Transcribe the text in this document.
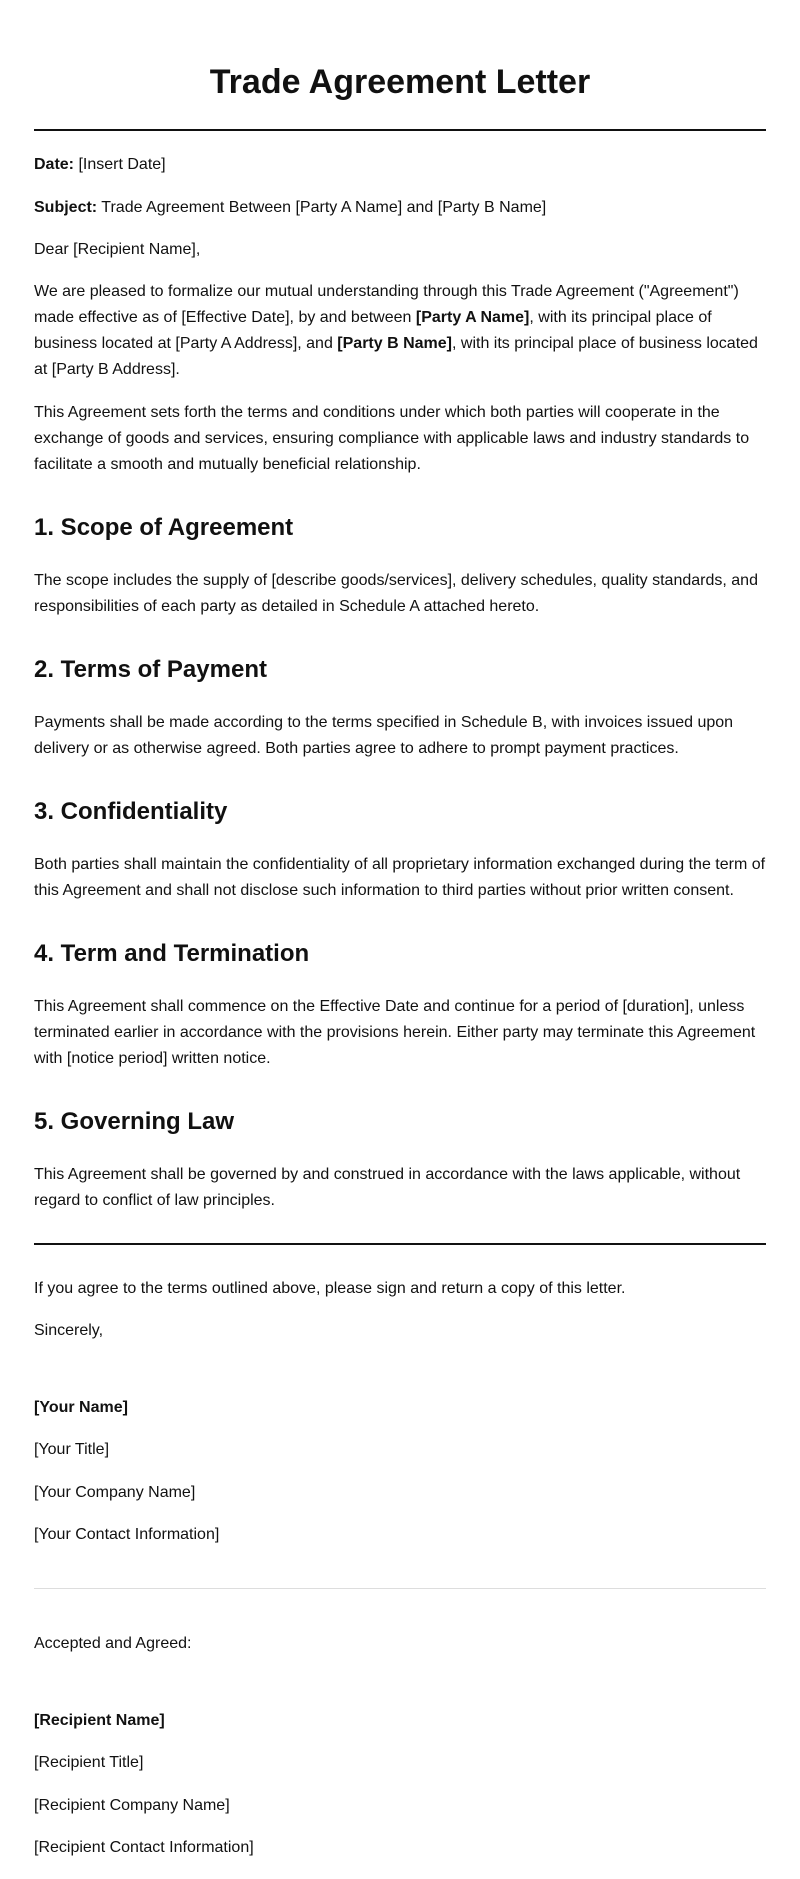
Trade Agreement Letter

Date: [Insert Date]

Subject: Trade Agreement Between [Party A Name] and [Party B Name]

Dear [Recipient Name],

We are pleased to formalize our mutual understanding through this Trade Agreement ("Agreement") made effective as of [Effective Date], by and between [Party A Name], with its principal place of business located at [Party A Address], and [Party B Name], with its principal place of business located at [Party B Address].

This Agreement sets forth the terms and conditions under which both parties will cooperate in the exchange of goods and services, ensuring compliance with applicable laws and industry standards to facilitate a smooth and mutually beneficial relationship.

1. Scope of Agreement

The scope includes the supply of [describe goods/services], delivery schedules, quality standards, and responsibilities of each party as detailed in Schedule A attached hereto.

2. Terms of Payment

Payments shall be made according to the terms specified in Schedule B, with invoices issued upon delivery or as otherwise agreed. Both parties agree to adhere to prompt payment practices.

3. Confidentiality

Both parties shall maintain the confidentiality of all proprietary information exchanged during the term of this Agreement and shall not disclose such information to third parties without prior written consent.

4. Term and Termination

This Agreement shall commence on the Effective Date and continue for a period of [duration], unless terminated earlier in accordance with the provisions herein. Either party may terminate this Agreement with [notice period] written notice.

5. Governing Law

This Agreement shall be governed by and construed in accordance with the laws applicable, without regard to conflict of law principles.

If you agree to the terms outlined above, please sign and return a copy of this letter.

Sincerely,

[Your Name]

[Your Title]

[Your Company Name]

[Your Contact Information]

Accepted and Agreed:

[Recipient Name]

[Recipient Title]

[Recipient Company Name]

[Recipient Contact Information]
